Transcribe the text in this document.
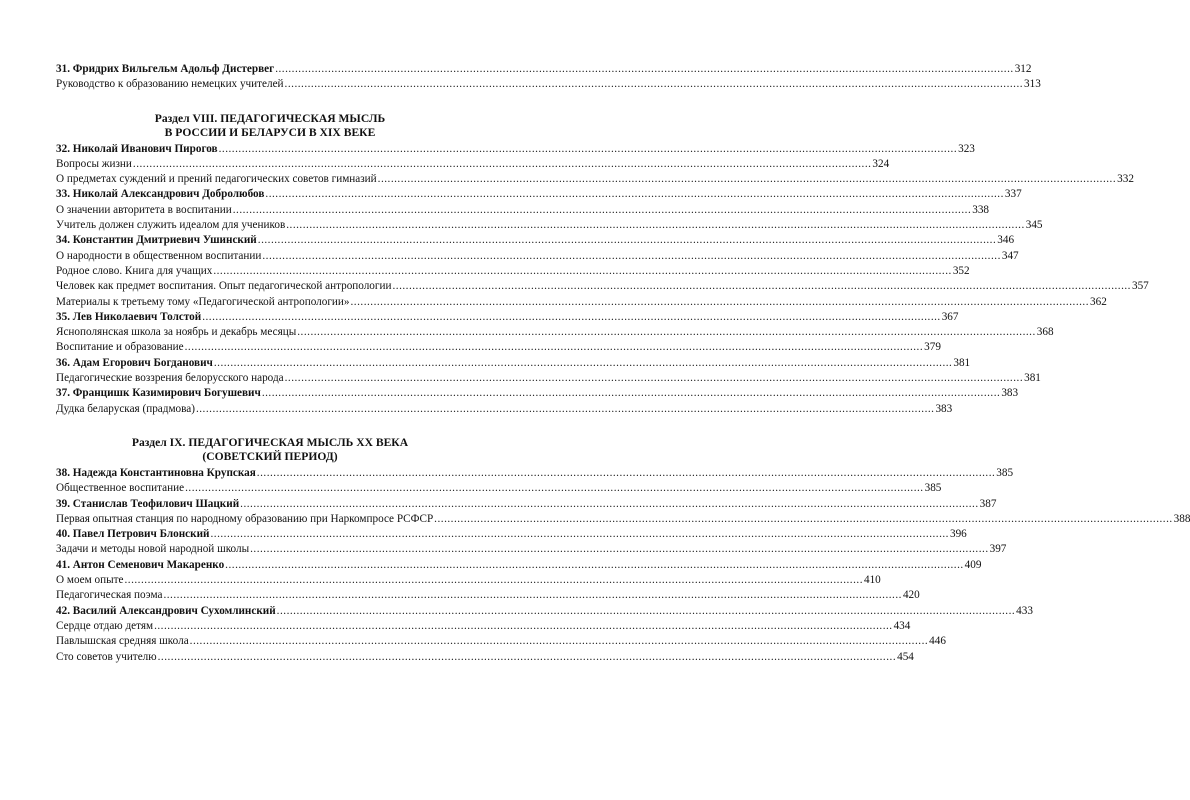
31. Фридрих Вильгельм Адольф Дистервег .....	312
Руководство к образованию немецких учителей .....	313
Раздел VIII. ПЕДАГОГИЧЕСКАЯ МЫСЛЬ
В РОССИИ И БЕЛАРУСИ В XIX ВЕКЕ
32. Николай Иванович Пирогов .....	323
Вопросы жизни .....	324
О предметах суждений и прений педагогических советов гимназий .....	332
33. Николай Александрович Добролюбов .....	337
О значении авторитета в воспитании .....	338
Учитель должен служить идеалом для учеников .....	345
34. Константин Дмитриевич Ушинский .....	346
О народности в общественном воспитании .....	347
Родное слово. Книга для учащих .....	352
Человек как предмет воспитания. Опыт педагогической антропологии .....	357
Материалы к третьему тому «Педагогической антропологии» .....	362
35. Лев Николаевич Толстой .....	367
Яснополянская школа за ноябрь и декабрь месяцы .....	368
Воспитание и образование .....	379
36. Адам Егорович Богданович .....	381
Педагогические воззрения белорусского народа .....	381
37. Францишк Казимирович Богушевич .....	383
Дудка беларуская (прадмова) .....	383
Раздел IX. ПЕДАГОГИЧЕСКАЯ МЫСЛЬ XX ВЕКА
(СОВЕТСКИЙ ПЕРИОД)
38. Надежда Константиновна Крупская .....	385
Общественное воспитание .....	385
39. Станислав Теофилович Шацкий .....	387
Первая опытная станция по народному образованию при Наркомпросе РСФСР .....	388
40. Павел Петрович Блонский .....	396
Задачи и методы новой народной школы .....	397
41. Антон Семенович Макаренко .....	409
О моем опыте .....	410
Педагогическая поэма .....	420
42. Василий Александрович Сухомлинский .....	433
Сердце отдаю детям .....	434
Павлышская средняя школа .....	446
Сто советов учителю .....	454
